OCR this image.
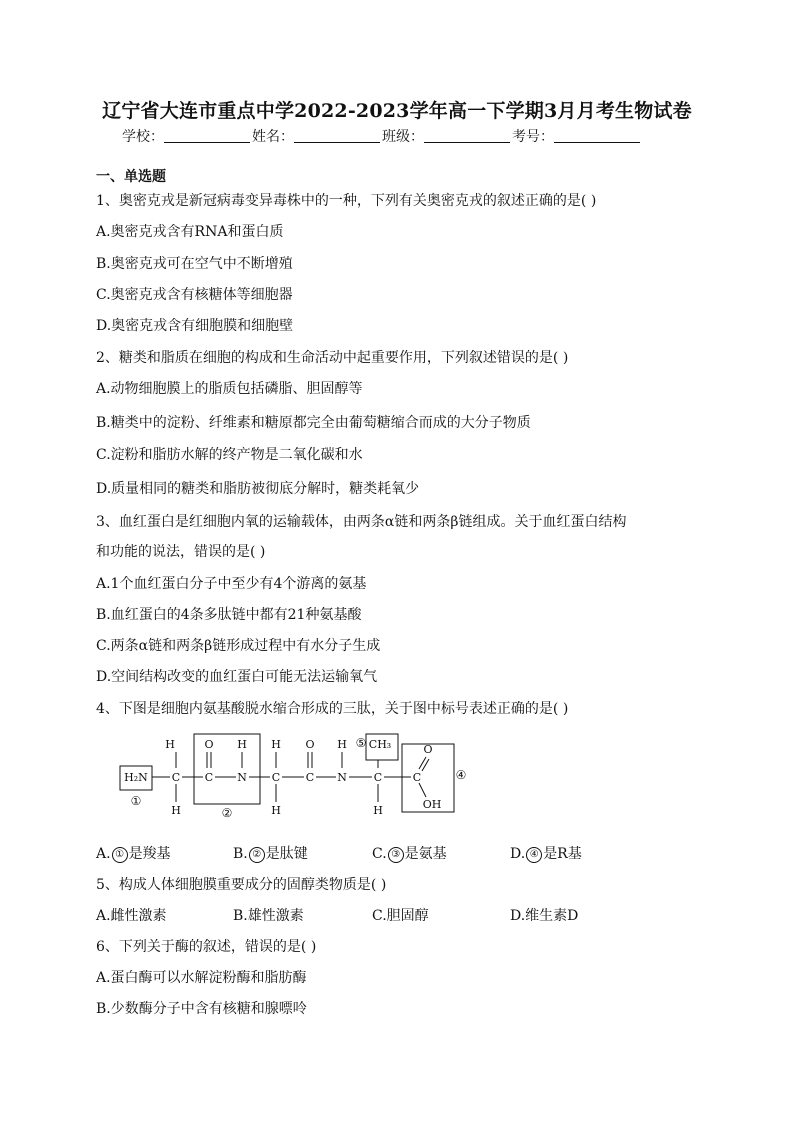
辽宁省大连市重点中学2022-2023学年高一下学期3月月考生物试卷
学校：	姓名：	班级：	考号：
一、单选题
1、奥密克戎是新冠病毒变异毒株中的一种，下列有关奥密克戎的叙述正确的是( )
A.奥密克戎含有RNA和蛋白质
B.奥密克戎可在空气中不断增殖
C.奥密克戎含有核糖体等细胞器
D.奥密克戎含有细胞膜和细胞壁
2、糖类和脂质在细胞的构成和生命活动中起重要作用，下列叙述错误的是( )
A.动物细胞膜上的脂质包括磷脂、胆固醇等
B.糖类中的淀粉、纤维素和糖原都完全由葡萄糖缩合而成的大分子物质
C.淀粉和脂肪水解的终产物是二氧化碳和水
D.质量相同的糖类和脂肪被彻底分解时，糖类耗氧少
3、血红蛋白是红细胞内氧的运输载体，由两条α链和两条β链组成。关于血红蛋白结构
和功能的说法，错误的是( )
A.1个血红蛋白分子中至少有4个游离的氨基
B.血红蛋白的4条多肽链中都有21种氨基酸
C.两条α链和两条β链形成过程中有水分子生成
D.空间结构改变的血红蛋白可能无法运输氧气
4、下图是细胞内氨基酸脱水缩合形成的三肽，关于图中标号表述正确的是( )
H	O H H O H CH₃	O
H₂N C C N C C N C	C
H	H	H	OH
①
②
⑤
④
A. ① 是羧基	B. ② 是肽键	C. ③ 是氨基	D. ④ 是R基
5、构成人体细胞膜重要成分的固醇类物质是( )
A.雌性激素	B.雄性激素	C.胆固醇	D.维生素D
6、下列关于酶的叙述，错误的是( )
A.蛋白酶可以水解淀粉酶和脂肪酶
B.少数酶分子中含有核糖和腺嘌呤
